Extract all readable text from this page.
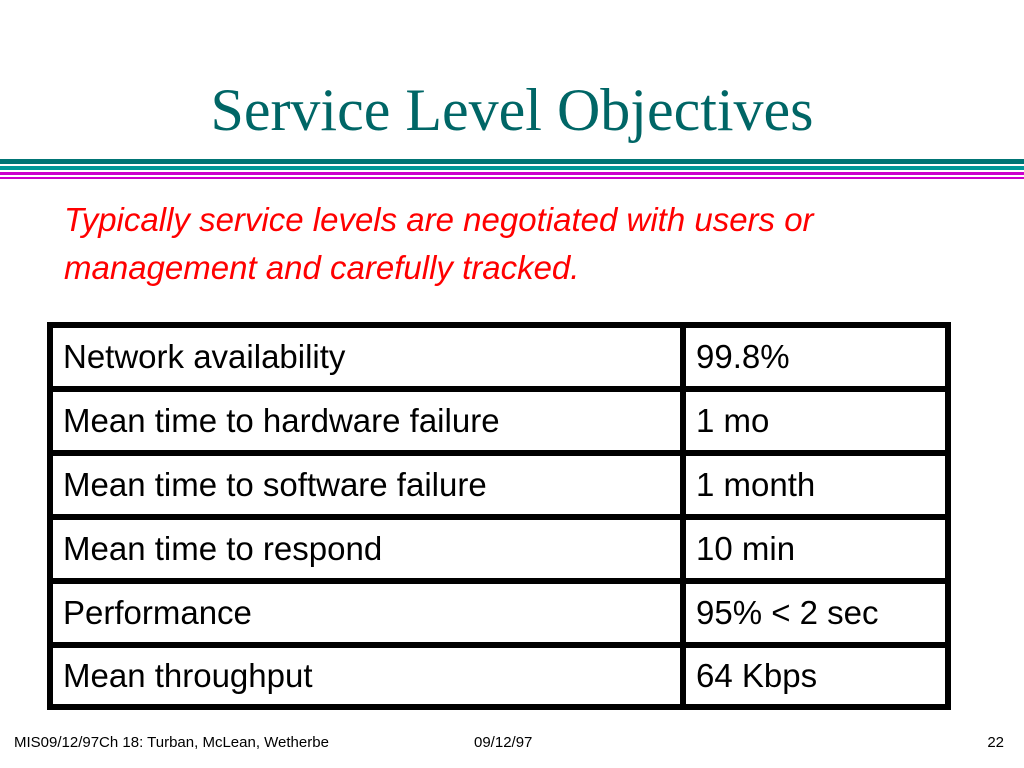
Service Level Objectives
Typically service levels are negotiated with users or management and carefully tracked.
Network availability	99.8%
Mean time to hardware failure	1 mo
Mean time to software failure	1 month
Mean time to respond	10 min
Performance	95% < 2 sec
Mean throughput	64 Kbps
MIS09/12/97Ch 18: Turban, McLean, Wetherbe	09/12/97	22
